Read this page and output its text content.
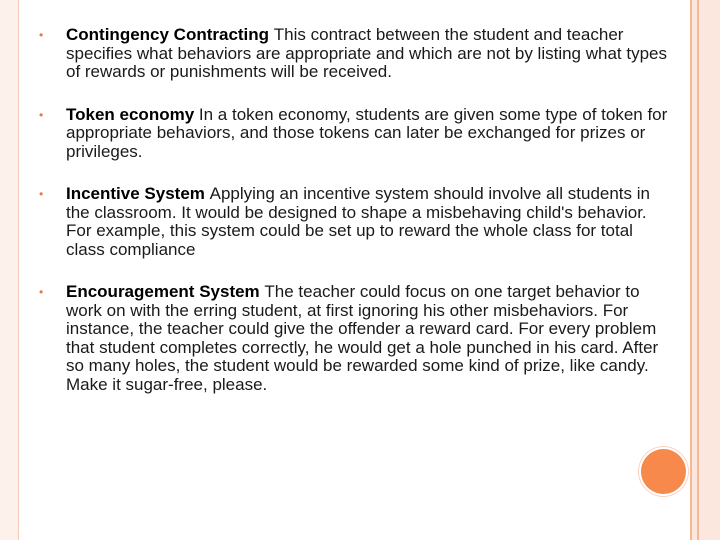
• Contingency Contracting This contract between the student and teacher specifies what behaviors are appropriate and which are not by listing what types of rewards or punishments will be received.
• Token economy In a token economy, students are given some type of token for appropriate behaviors, and those tokens can later be exchanged for prizes or privileges.
• Incentive System Applying an incentive system should involve all students in the classroom. It would be designed to shape a misbehaving child's behavior. For example, this system could be set up to reward the whole class for total class compliance
• Encouragement System The teacher could focus on one target behavior to work on with the erring student, at first ignoring his other misbehaviors. For instance, the teacher could give the offender a reward card. For every problem that student completes correctly, he would get a hole punched in his card. After so many holes, the student would be rewarded some kind of prize, like candy. Make it sugar-free, please.
